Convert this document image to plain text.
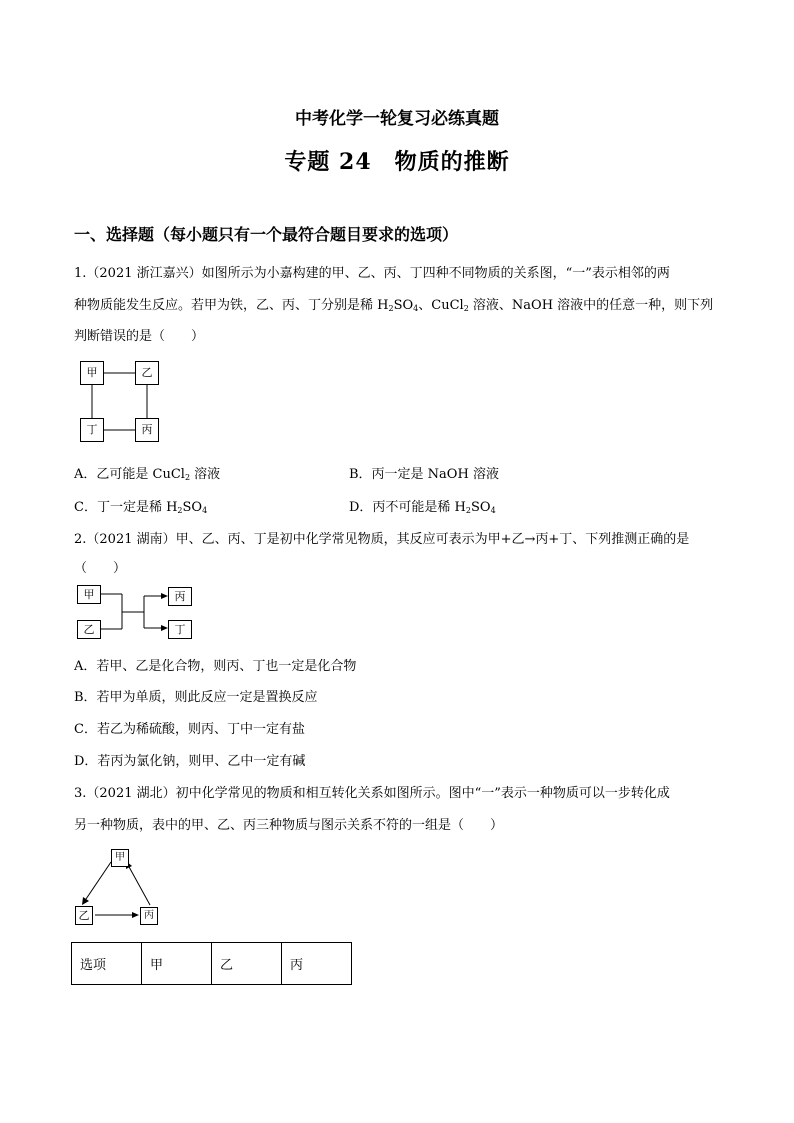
中考化学一轮复习必练真题
专题 24　物质的推断
一、选择题（每小题只有一个最符合题目要求的选项）
1.（2021 浙江嘉兴）如图所示为小嘉构建的甲、乙、丙、丁四种不同物质的关系图，“一”表示相邻的两
种物质能发生反应。若甲为铁，乙、丙、丁分别是稀 $H_2SO_4$、CuCl$_2$ 溶液、NaOH 溶液中的任意一种，则下列
判断错误的是（　　）
甲	乙
丁	丙
A．乙可能是 CuCl$_2$ 溶液	B．丙一定是 NaOH 溶液
C．丁一定是稀 $H_2SO_4$	D．丙不可能是稀 $H_2SO_4$
2.（2021 湖南）甲、乙、丙、丁是初中化学常见物质，其反应可表示为甲+乙→丙+丁、下列推测正确的是
（　　）
甲
乙
丙
丁
A．若甲、乙是化合物，则丙、丁也一定是化合物
B．若甲为单质，则此反应一定是置换反应
C．若乙为稀硫酸，则丙、丁中一定有盐
D．若丙为氯化钠，则甲、乙中一定有碱
3.（2021 湖北）初中化学常见的物质和相互转化关系如图所示。图中“一”表示一种物质可以一步转化成
另一种物质，表中的甲、乙、丙三种物质与图示关系不符的一组是（　　）
甲
乙	丙
选项	甲	乙	丙
